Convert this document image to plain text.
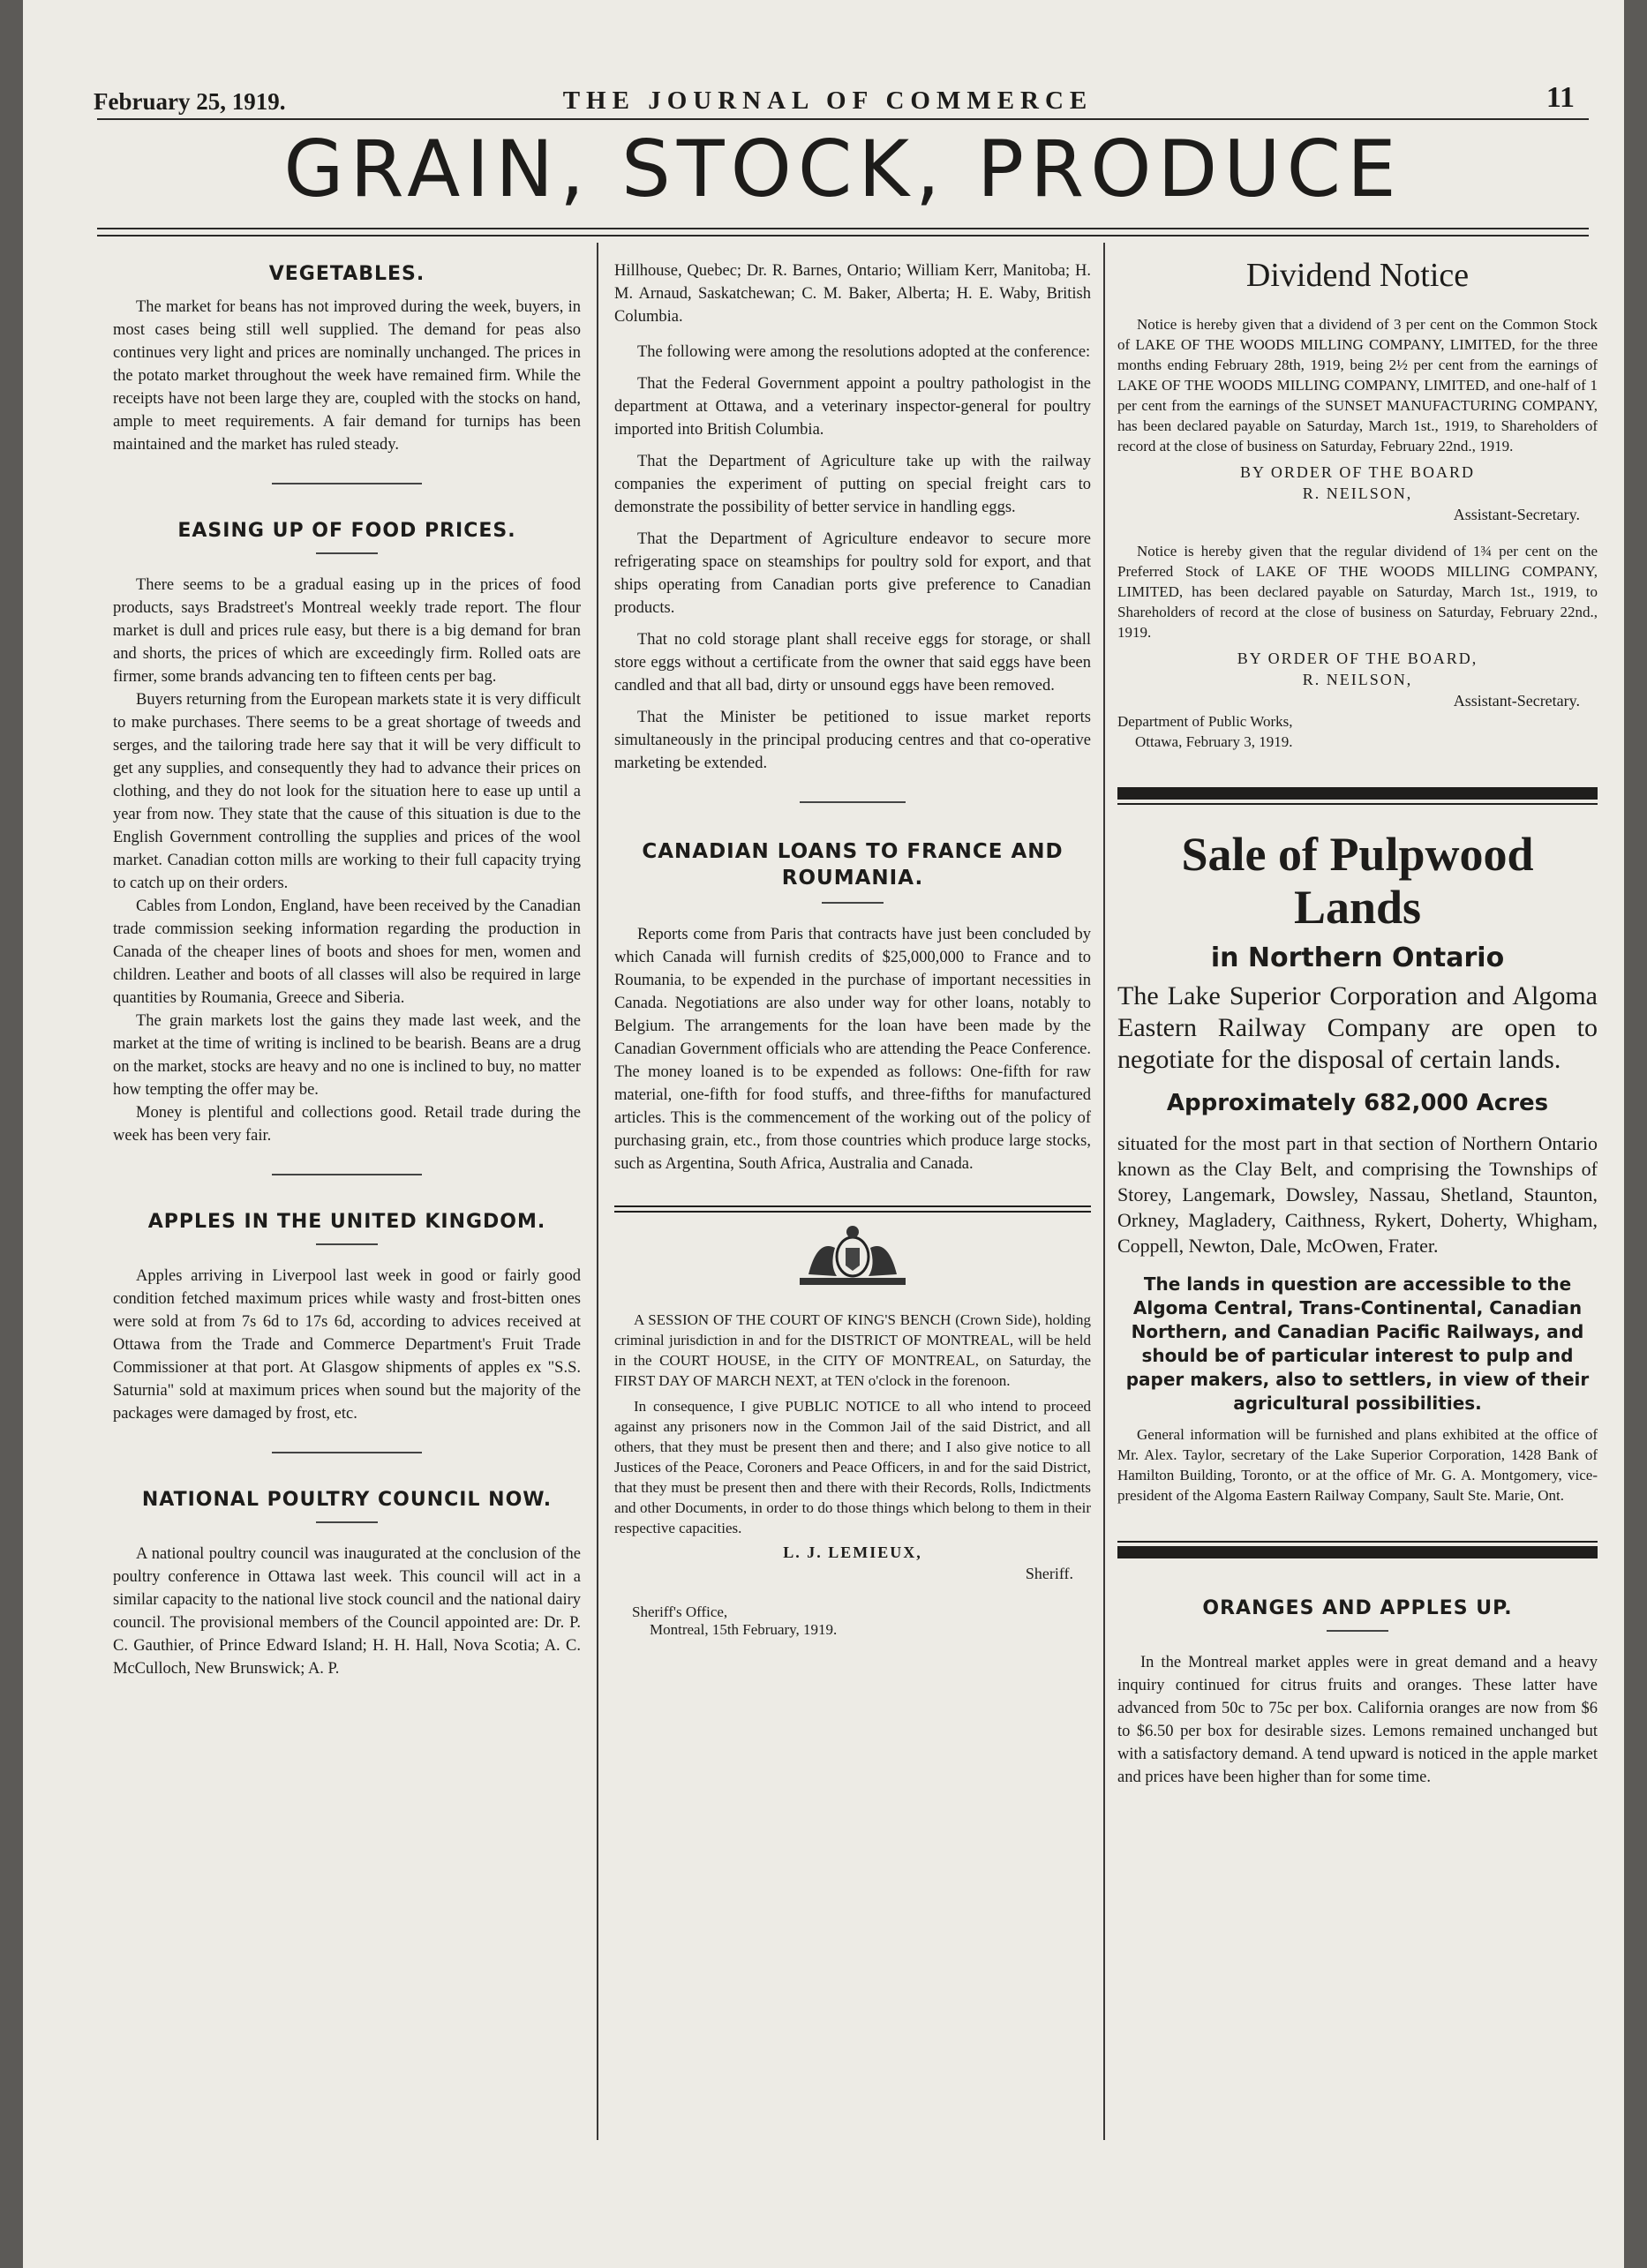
February 25, 1919.	THE JOURNAL OF COMMERCE	11
GRAIN, STOCK, PRODUCE
VEGETABLES.

The market for beans has not improved during the week, buyers, in most cases being still well supplied. The demand for peas also continues very light and prices are nominally unchanged. The prices in the potato market throughout the week have remained firm. While the receipts have not been large they are, coupled with the stocks on hand, ample to meet requirements. A fair demand for turnips has been maintained and the market has ruled steady.

EASING UP OF FOOD PRICES.

There seems to be a gradual easing up in the prices of food products, says Bradstreet's Montreal weekly trade report. The flour market is dull and prices rule easy, but there is a big demand for bran and shorts, the prices of which are exceedingly firm. Rolled oats are firmer, some brands advancing ten to fifteen cents per bag.

Buyers returning from the European markets state it is very difficult to make purchases. There seems to be a great shortage of tweeds and serges, and the tailoring trade here say that it will be very difficult to get any supplies, and consequently they had to advance their prices on clothing, and they do not look for the situation here to ease up until a year from now. They state that the cause of this situation is due to the English Government controlling the supplies and prices of the wool market. Canadian cotton mills are working to their full capacity trying to catch up on their orders.

Cables from London, England, have been received by the Canadian trade commission seeking information regarding the production in Canada of the cheaper lines of boots and shoes for men, women and children. Leather and boots of all classes will also be required in large quantities by Roumania, Greece and Siberia.

The grain markets lost the gains they made last week, and the market at the time of writing is inclined to be bearish. Beans are a drug on the market, stocks are heavy and no one is inclined to buy, no matter how tempting the offer may be.

Money is plentiful and collections good. Retail trade during the week has been very fair.

APPLES IN THE UNITED KINGDOM.

Apples arriving in Liverpool last week in good or fairly good condition fetched maximum prices while wasty and frost-bitten ones were sold at from 7s 6d to 17s 6d, according to advices received at Ottawa from the Trade and Commerce Department's Fruit Trade Commissioner at that port. At Glasgow shipments of apples ex "S.S. Saturnia" sold at maximum prices when sound but the majority of the packages were damaged by frost, etc.

NATIONAL POULTRY COUNCIL NOW.

A national poultry council was inaugurated at the conclusion of the poultry conference in Ottawa last week. This council will act in a similar capacity to the national live stock council and the national dairy council. The provisional members of the Council appointed are: Dr. P. C. Gauthier, of Prince Edward Island; H. H. Hall, Nova Scotia; A. C. McCulloch, New Brunswick; A. P.

Hillhouse, Quebec; Dr. R. Barnes, Ontario; William Kerr, Manitoba; H. M. Arnaud, Saskatchewan; C. M. Baker, Alberta; H. E. Waby, British Columbia.

The following were among the resolutions adopted at the conference:

That the Federal Government appoint a poultry pathologist in the department at Ottawa, and a veterinary inspector-general for poultry imported into British Columbia.

That the Department of Agriculture take up with the railway companies the experiment of putting on special freight cars to demonstrate the possibility of better service in handling eggs.

That the Department of Agriculture endeavor to secure more refrigerating space on steamships for poultry sold for export, and that ships operating from Canadian ports give preference to Canadian products.

That no cold storage plant shall receive eggs for storage, or shall store eggs without a certificate from the owner that said eggs have been candled and that all bad, dirty or unsound eggs have been removed.

That the Minister be petitioned to issue market reports simultaneously in the principal producing centres and that co-operative marketing be extended.

CANADIAN LOANS TO FRANCE AND ROUMANIA.

Reports come from Paris that contracts have just been concluded by which Canada will furnish credits of $25,000,000 to France and to Roumania, to be expended in the purchase of important necessities in Canada. Negotiations are also under way for other loans, notably to Belgium. The arrangements for the loan have been made by the Canadian Government officials who are attending the Peace Conference. The money loaned is to be expended as follows: One-fifth for raw material, one-fifth for food stuffs, and three-fifths for manufactured articles. This is the commencement of the working out of the policy of purchasing grain, etc., from those countries which produce large stocks, such as Argentina, South Africa, Australia and Canada.

A SESSION OF THE COURT OF KING'S BENCH (Crown Side), holding criminal jurisdiction in and for the DISTRICT OF MONTREAL, will be held in the COURT HOUSE, in the CITY OF MONTREAL, on Saturday, the FIRST DAY OF MARCH NEXT, at TEN o'clock in the forenoon.

In consequence, I give PUBLIC NOTICE to all who intend to proceed against any prisoners now in the Common Jail of the said District, and all others, that they must be present then and there; and I also give notice to all Justices of the Peace, Coroners and Peace Officers, in and for the said District, that they must be present then and there with their Records, Rolls, Indictments and other Documents, in order to do those things which belong to them in their respective capacities.

L. J. LEMIEUX,
Sheriff.
Sheriff's Office,
Montreal, 15th February, 1919.
Dividend Notice

Notice is hereby given that a dividend of 3 per cent on the Common Stock of LAKE OF THE WOODS MILLING COMPANY, LIMITED, for the three months ending February 28th, 1919, being 2½ per cent from the earnings of LAKE OF THE WOODS MILLING COMPANY, LIMITED, and one-half of 1 per cent from the earnings of the SUNSET MANUFACTURING COMPANY, has been declared payable on Saturday, March 1st., 1919, to Shareholders of record at the close of business on Saturday, February 22nd., 1919.

BY ORDER OF THE BOARD
R. NEILSON,
Assistant-Secretary.

Notice is hereby given that the regular dividend of 1¾ per cent on the Preferred Stock of LAKE OF THE WOODS MILLING COMPANY, LIMITED, has been declared payable on Saturday, March 1st., 1919, to Shareholders of record at the close of business on Saturday, February 22nd., 1919.

BY ORDER OF THE BOARD,
R. NEILSON,
Assistant-Secretary.
Department of Public Works,
Ottawa, February 3, 1919.
Sale of Pulpwood Lands
in Northern Ontario

The Lake Superior Corporation and Algoma Eastern Railway Company are open to negotiate for the disposal of certain lands.

Approximately 682,000 Acres

situated for the most part in that section of Northern Ontario known as the Clay Belt, and comprising the Townships of Storey, Langemark, Dowsley, Nassau, Shetland, Staunton, Orkney, Magladery, Caithness, Rykert, Doherty, Whigham, Coppell, Newton, Dale, McOwen, Frater.

The lands in question are accessible to the Algoma Central, Trans-Continental, Canadian Northern, and Canadian Pacific Railways, and should be of particular interest to pulp and paper makers, also to settlers, in view of their agricultural possibilities.

General information will be furnished and plans exhibited at the office of Mr. Alex. Taylor, secretary of the Lake Superior Corporation, 1428 Bank of Hamilton Building, Toronto, or at the office of Mr. G. A. Montgomery, vice-president of the Algoma Eastern Railway Company, Sault Ste. Marie, Ont.

ORANGES AND APPLES UP.

In the Montreal market apples were in great demand and a heavy inquiry continued for citrus fruits and oranges. These latter have advanced from 50c to 75c per box. California oranges are now from $6 to $6.50 per box for desirable sizes. Lemons remained unchanged but with a satisfactory demand. A tend upward is noticed in the apple market and prices have been higher than for some time.
